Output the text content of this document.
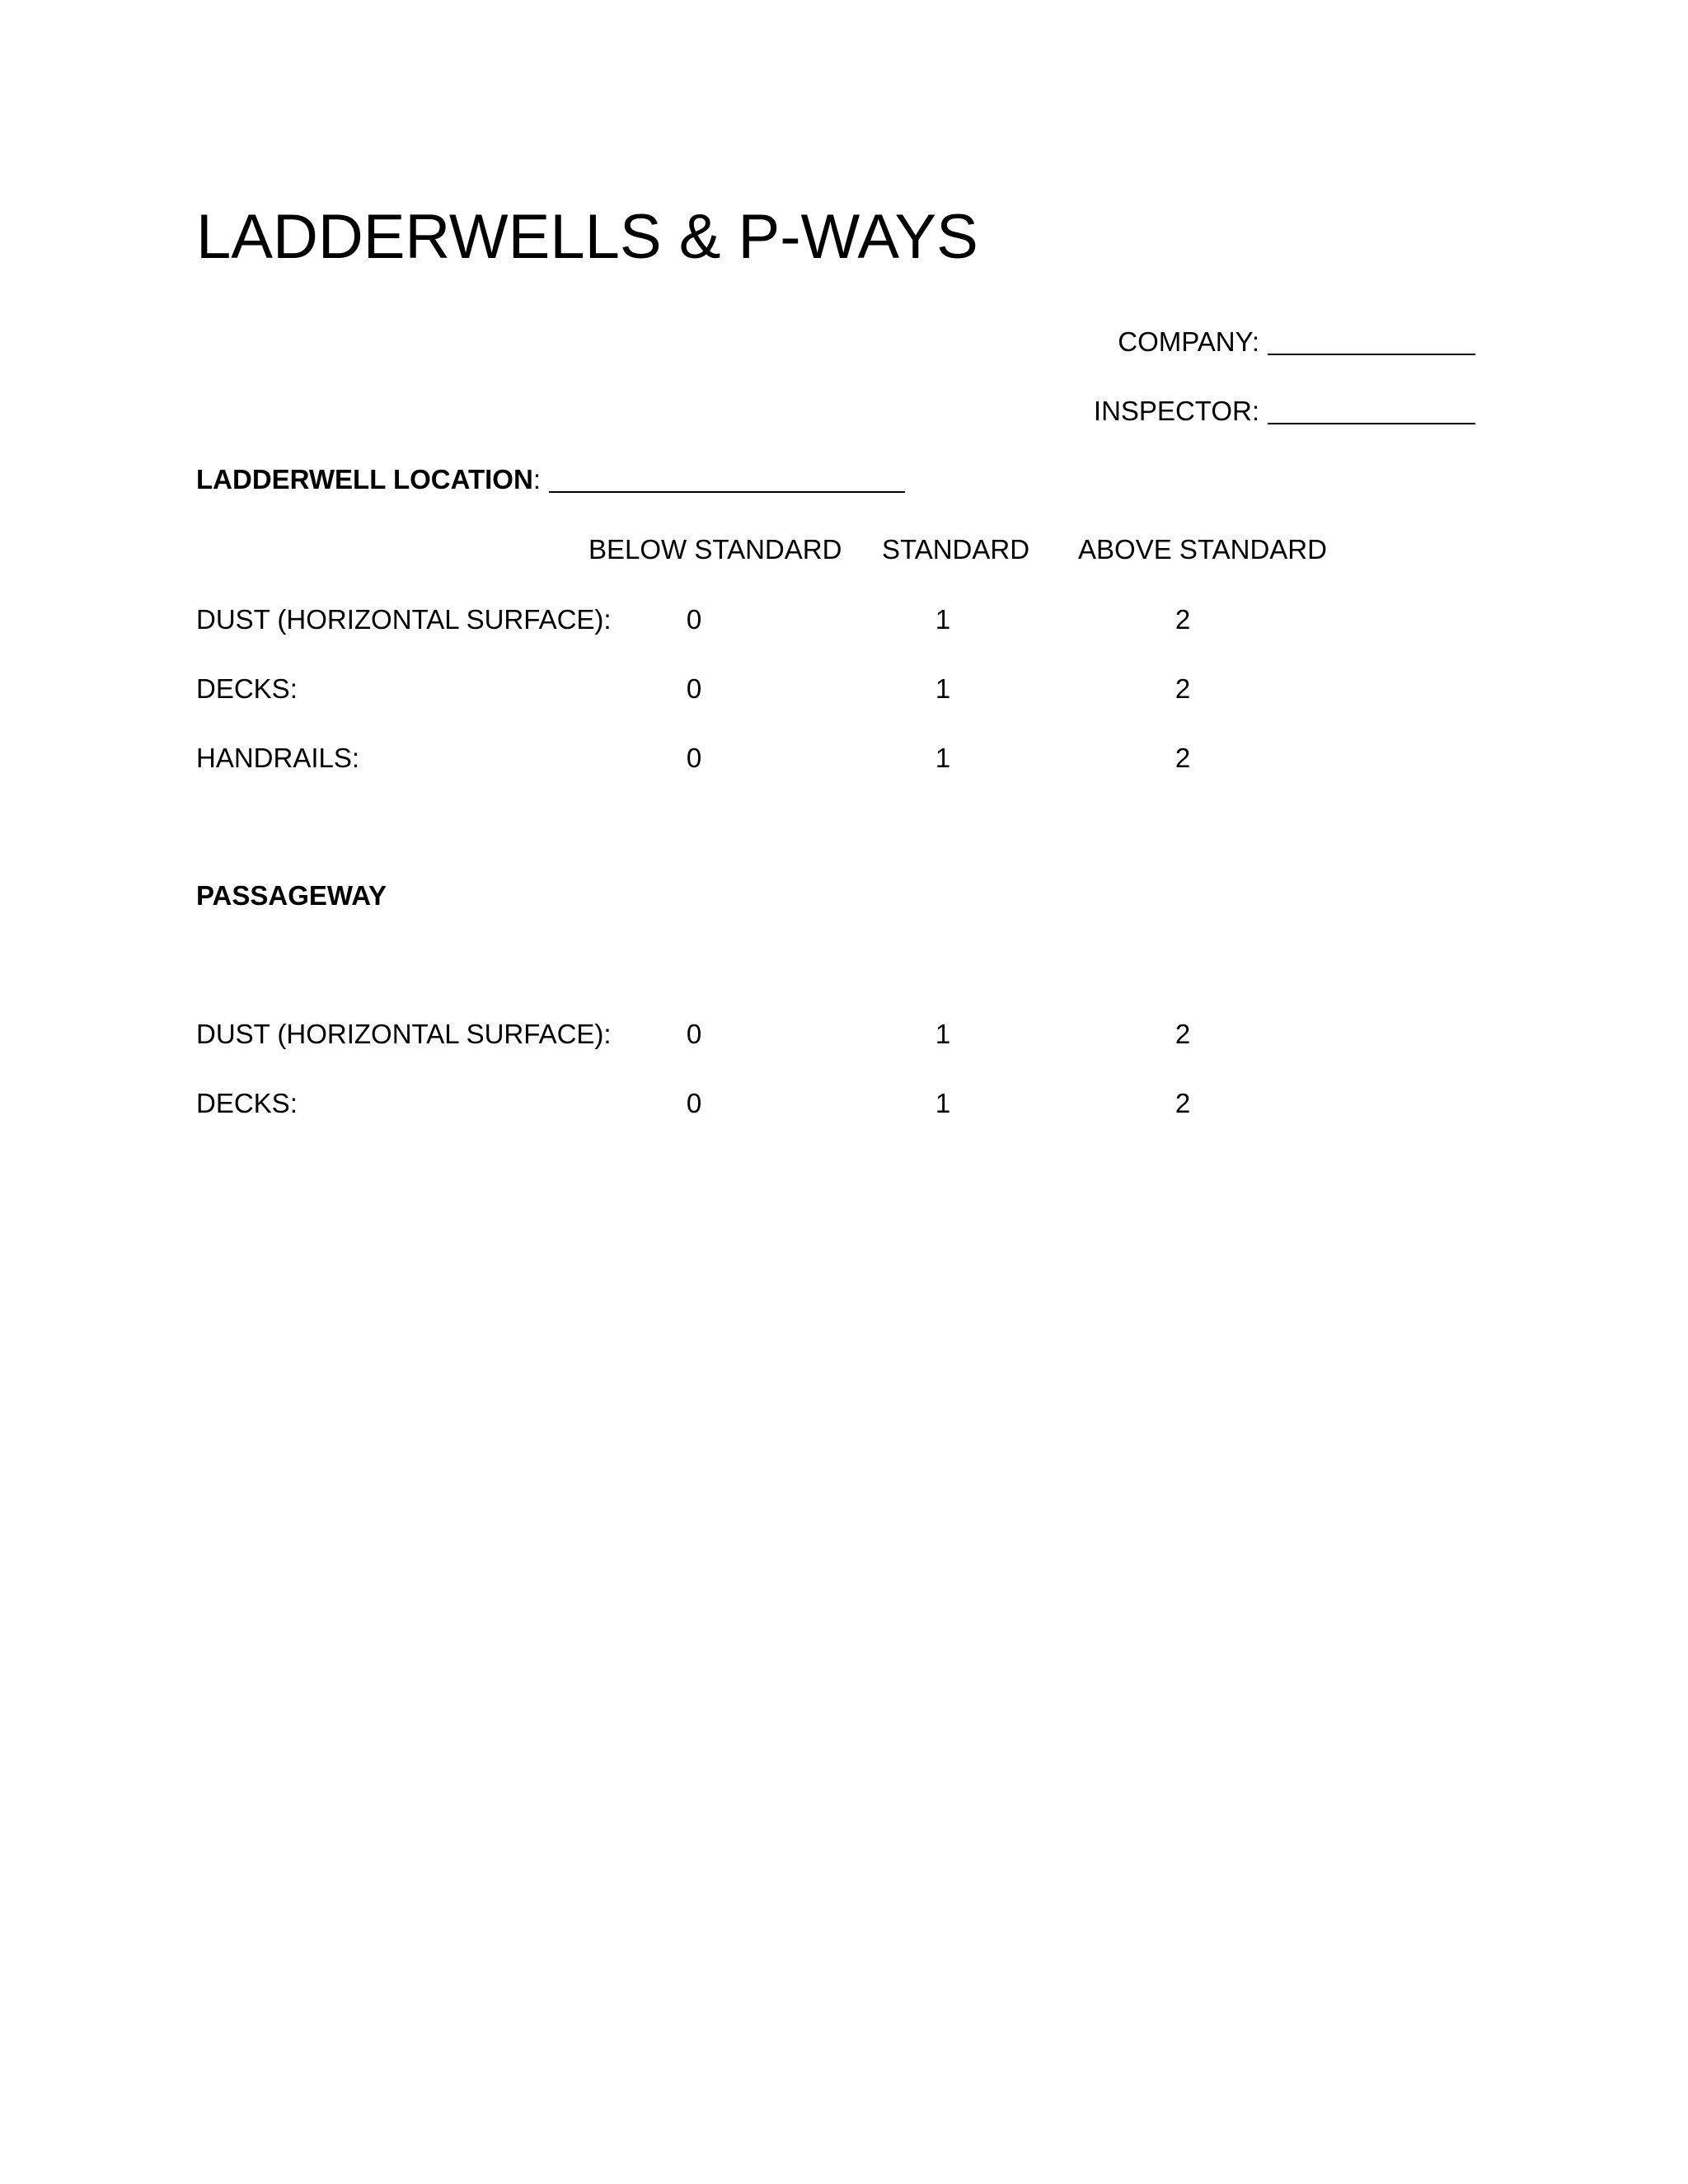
LADDERWELLS & P-WAYS
COMPANY:
INSPECTOR:
LADDERWELL LOCATION :
BELOW STANDARD STANDARD ABOVE STANDARD
DUST (HORIZONTAL SURFACE):	0	1	2
DECKS:	0	1	2
HANDRAILS:	0	1	2
PASSAGEWAY
DUST (HORIZONTAL SURFACE):	0	1	2
DECKS:	0	1	2
